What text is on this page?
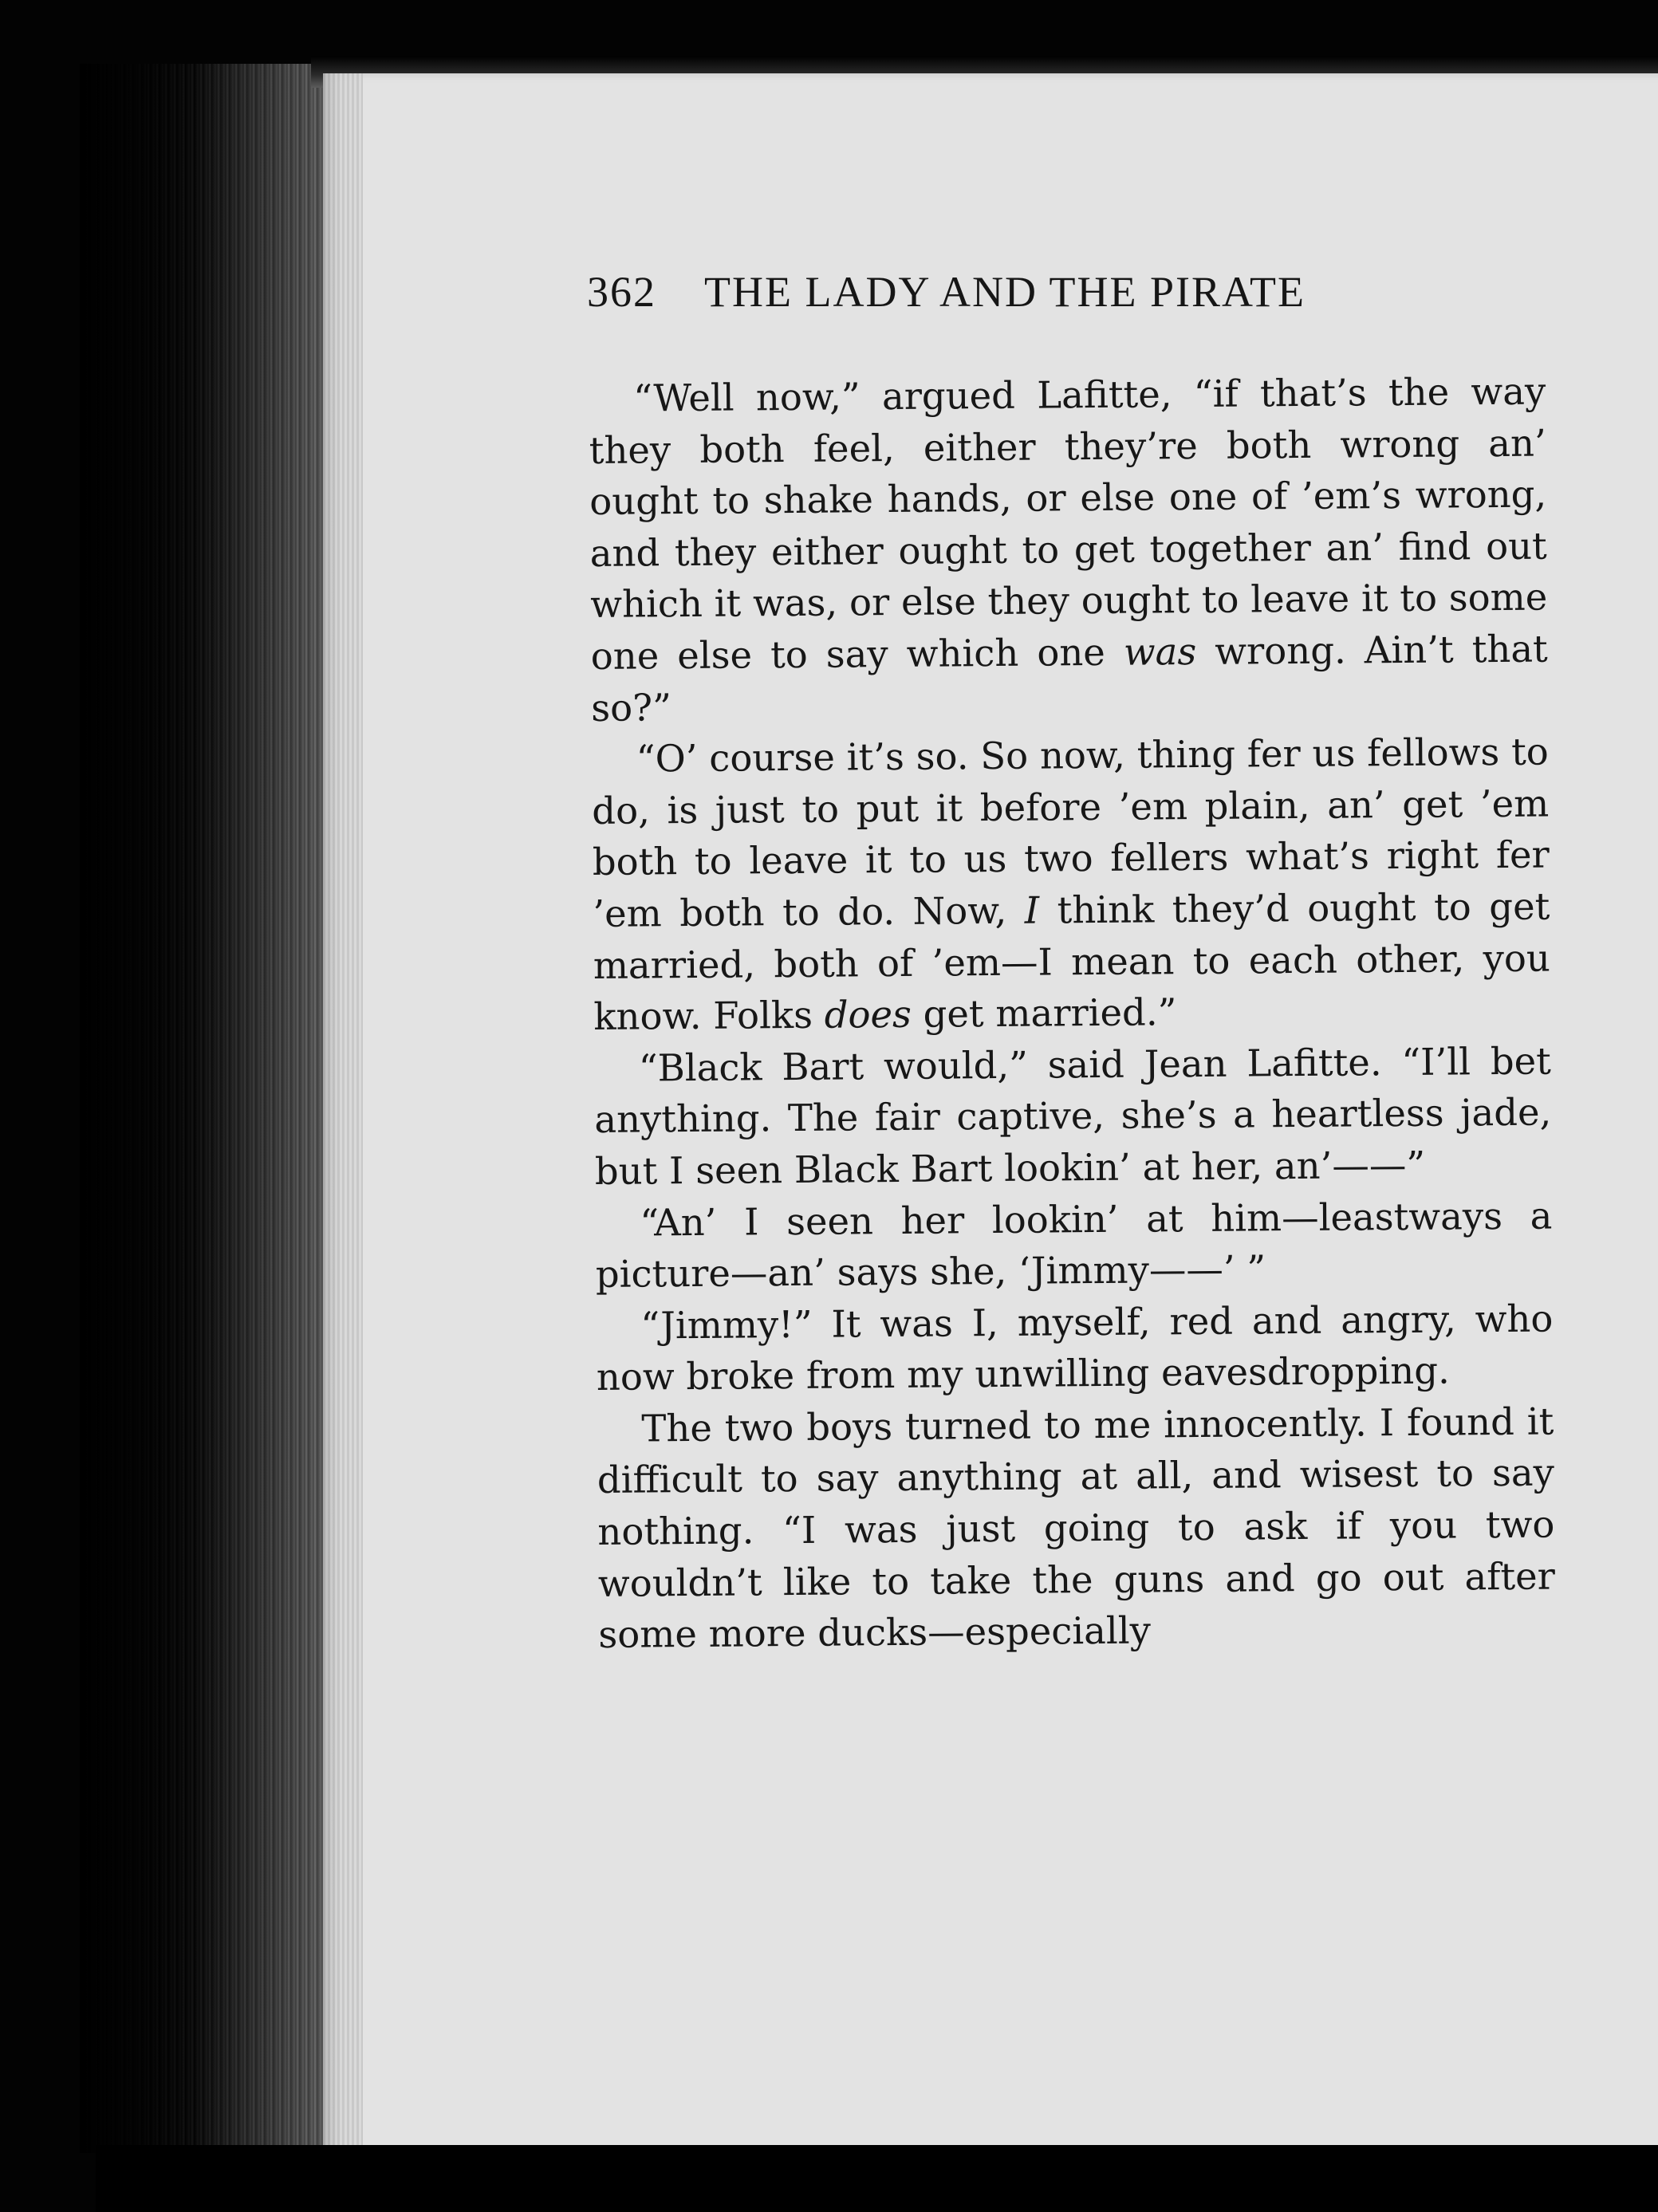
362 THE LADY AND THE PIRATE

“Well now,” argued Lafitte, “if that’s the way they both feel, either they’re both wrong an’ ought to shake hands, or else one of ’em’s wrong, and they either ought to get together an’ find out which it was, or else they ought to leave it to some one else to say which one was wrong. Ain’t that so?”

“O’ course it’s so. So now, thing fer us fellows to do, is just to put it before ’em plain, an’ get ’em both to leave it to us two fellers what’s right fer ’em both to do. Now, I think they’d ought to get married, both of ’em—I mean to each other, you know. Folks does get married.”

“Black Bart would,” said Jean Lafitte. “I’ll bet anything. The fair captive, she’s a heartless jade, but I seen Black Bart lookin’ at her, an’——”

“An’ I seen her lookin’ at him—leastways a picture—an’ says she, ‘Jimmy——’ ”

“Jimmy!” It was I, myself, red and angry, who now broke from my unwilling eavesdropping.

The two boys turned to me innocently. I found it difficult to say anything at all, and wisest to say nothing. “I was just going to ask if you two wouldn’t like to take the guns and go out after some more ducks—especially
